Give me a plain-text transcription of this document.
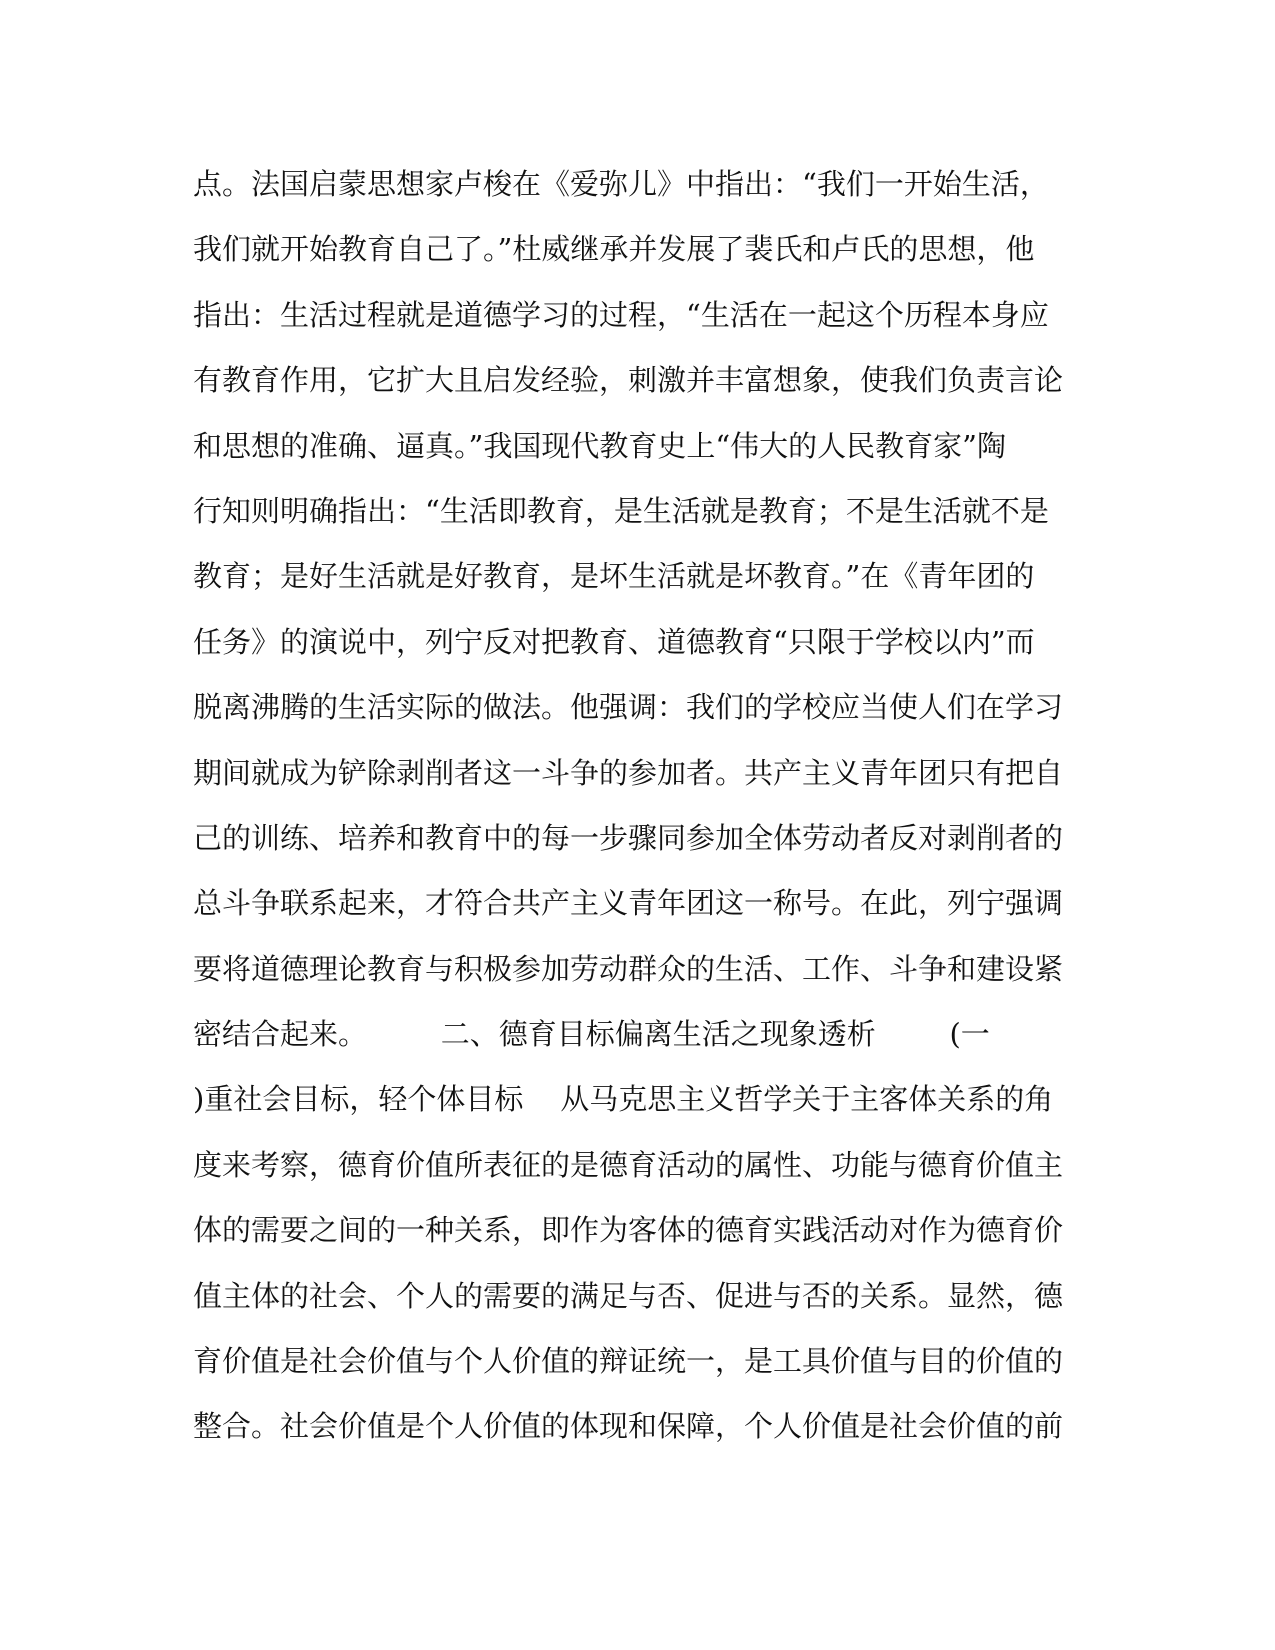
点。法国启蒙思想家卢梭在《爱弥儿》中指出：“我们一开始生活，
我们就开始教育自己了。”杜威继承并发展了裴氏和卢氏的思想，他
指出：生活过程就是道德学习的过程，“生活在一起这个历程本身应
有教育作用，它扩大且启发经验，刺激并丰富想象，使我们负责言论
和思想的准确、逼真。”我国现代教育史上“伟大的人民教育家”陶
行知则明确指出：“生活即教育，是生活就是教育；不是生活就不是
教育；是好生活就是好教育，是坏生活就是坏教育。”在《青年团的
任务》的演说中，列宁反对把教育、道德教育“只限于学校以内”而
脱离沸腾的生活实际的做法。他强调：我们的学校应当使人们在学习
期间就成为铲除剥削者这一斗争的参加者。共产主义青年团只有把自
己的训练、培养和教育中的每一步骤同参加全体劳动者反对剥削者的
总斗争联系起来，才符合共产主义青年团这一称号。在此，列宁强调
要将道德理论教育与积极参加劳动群众的生活、工作、斗争和建设紧
密结合起来。        二、德育目标偏离生活之现象透析        (一
)重社会目标，轻个体目标    从马克思主义哲学关于主客体关系的角
度来考察，德育价值所表征的是德育活动的属性、功能与德育价值主
体的需要之间的一种关系，即作为客体的德育实践活动对作为德育价
值主体的社会、个人的需要的满足与否、促进与否的关系。显然，德
育价值是社会价值与个人价值的辩证统一，是工具价值与目的价值的
整合。社会价值是个人价值的体现和保障，个人价值是社会价值的前
